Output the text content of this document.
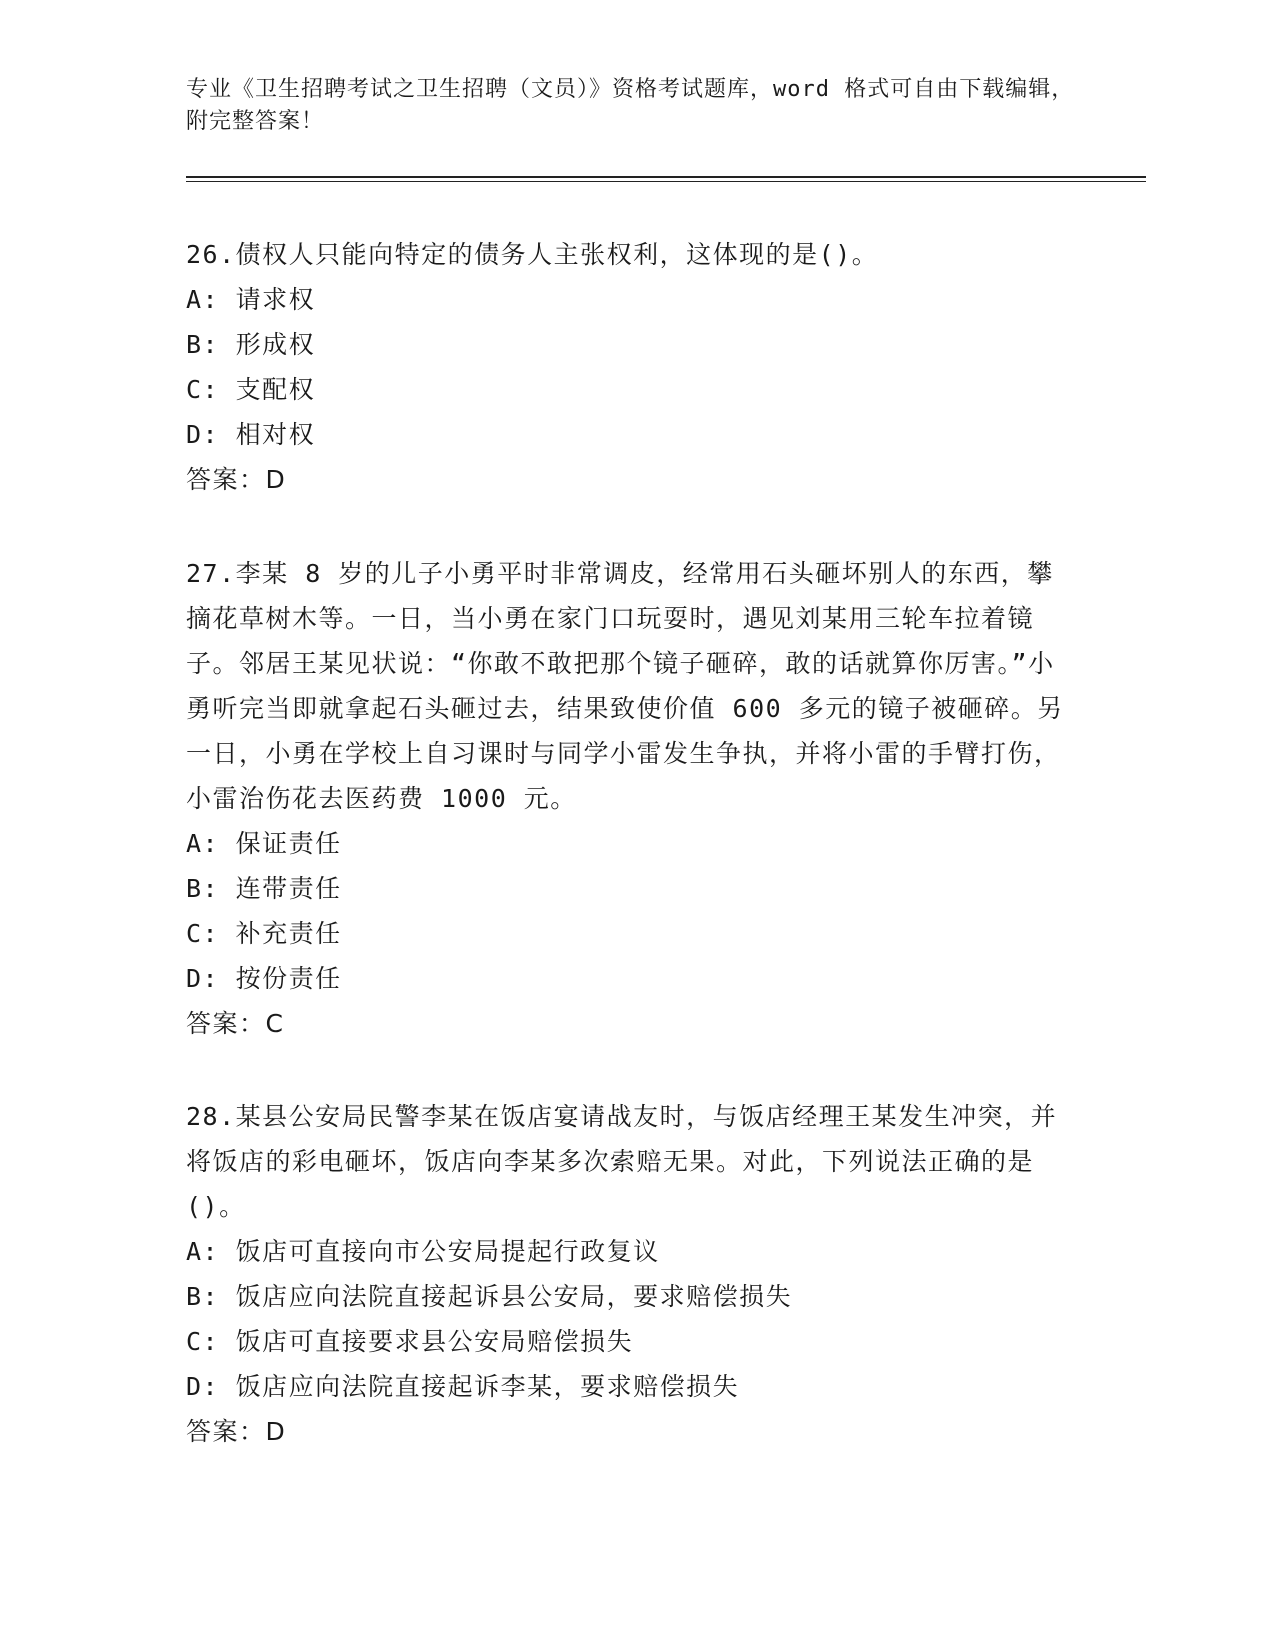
专业《卫生招聘考试之卫生招聘（文员）》资格考试题库，word 格式可自由下载编辑，附完整答案！

26.债权人只能向特定的债务人主张权利，这体现的是()。

A: 请求权
B: 形成权
C: 支配权
D: 相对权
答案：D

27.李某 8 岁的儿子小勇平时非常调皮，经常用石头砸坏别人的东西，攀摘花草树木等。一日，当小勇在家门口玩耍时，遇见刘某用三轮车拉着镜子。邻居王某见状说：“你敢不敢把那个镜子砸碎，敢的话就算你厉害。”小勇听完当即就拿起石头砸过去，结果致使价值 600 多元的镜子被砸碎。另一日，小勇在学校上自习课时与同学小雷发生争执，并将小雷的手臂打伤，小雷治伤花去医药费 1000 元。

A: 保证责任
B: 连带责任
C: 补充责任
D: 按份责任
答案：C

28.某县公安局民警李某在饭店宴请战友时，与饭店经理王某发生冲突，并将饭店的彩电砸坏，饭店向李某多次索赔无果。对此，下列说法正确的是()。

A: 饭店可直接向市公安局提起行政复议
B: 饭店应向法院直接起诉县公安局，要求赔偿损失
C: 饭店可直接要求县公安局赔偿损失
D: 饭店应向法院直接起诉李某，要求赔偿损失
答案：D
